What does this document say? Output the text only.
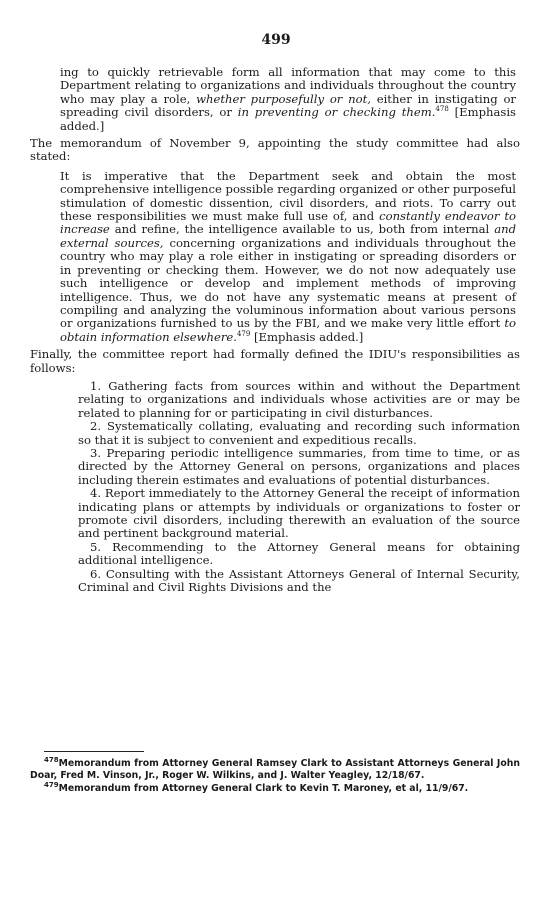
499

ing to quickly retrievable form all information that may come to this Department relating to organizations and individuals throughout the country who may play a role, whether purposefully or not, either in instigating or spreading civil disorders, or in preventing or checking them.$^{478}$ [Emphasis added.]

The memorandum of November 9, appointing the study committee had also stated:

It is imperative that the Department seek and obtain the most comprehensive intelligence possible regarding organized or other purposeful stimulation of domestic dissention, civil disorders, and riots. To carry out these responsibilities we must make full use of, and constantly endeavor to increase and refine, the intelligence available to us, both from internal and external sources, concerning organizations and individuals throughout the country who may play a role either in instigating or spreading disorders or in preventing or checking them. However, we do not now adequately use such intelligence or develop and implement methods of improving intelligence. Thus, we do not have any systematic means at present of compiling and analyzing the voluminous information about various persons or organizations furnished to us by the FBI, and we make very little effort to obtain information elsewhere.$^{479}$ [Emphasis added.]

Finally, the committee report had formally defined the IDIU's responsibilities as follows:

1. Gathering facts from sources within and without the Department relating to organizations and individuals whose activities are or may be related to planning for or participating in civil disturbances.
2. Systematically collating, evaluating and recording such information so that it is subject to convenient and expeditious recalls.
3. Preparing periodic intelligence summaries, from time to time, or as directed by the Attorney General on persons, organizations and places including therein estimates and evaluations of potential disturbances.
4. Report immediately to the Attorney General the receipt of information indicating plans or attempts by individuals or organizations to foster or promote civil disorders, including therewith an evaluation of the source and pertinent background material.
5. Recommending to the Attorney General means for obtaining additional intelligence.
6. Consulting with the Assistant Attorneys General of Internal Security, Criminal and Civil Rights Divisions and the

$^{478}$Memorandum from Attorney General Ramsey Clark to Assistant Attorneys General John Doar, Fred M. Vinson, Jr., Roger W. Wilkins, and J. Walter Yeagley, 12/18/67.

$^{479}$Memorandum from Attorney General Clark to Kevin T. Maroney, et al, 11/9/67.
